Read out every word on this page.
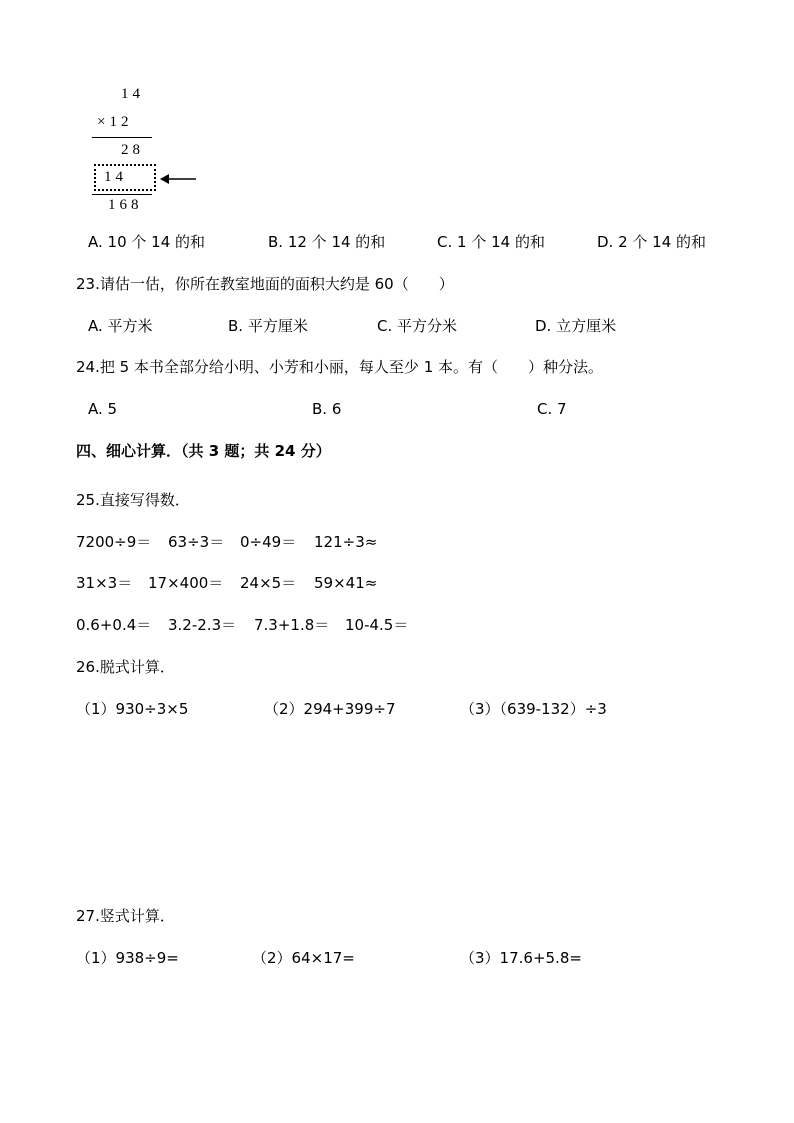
14
×12
28
14
168
A. 10 个 14 的和	B. 12 个 14 的和	C. 1 个 14 的和	D. 2 个 14 的和
23.请估一估，你所在教室地面的面积大约是 60（　　）
A. 平方米	B. 平方厘米	C. 平方分米	D. 立方厘米
24.把 5 本书全部分给小明、小芳和小丽，每人至少 1 本。有（　　）种分法。
A. 5	B. 6	C. 7
四、细心计算．（共 3 题；共 24 分）
25.直接写得数．
7200÷9＝ 63÷3＝ 0÷49＝ 121÷3≈
31×3＝ 17×400＝ 24×5＝ 59×41≈
0.6+0.4＝ 3.2-2.3＝ 7.3+1.8＝ 10-4.5＝
26.脱式计算．
（1）930÷3×5	（2）294+399÷7	（3）（639-132）÷3
27.竖式计算．
（1）938÷9=	（2）64×17=	（3）17.6+5.8=
